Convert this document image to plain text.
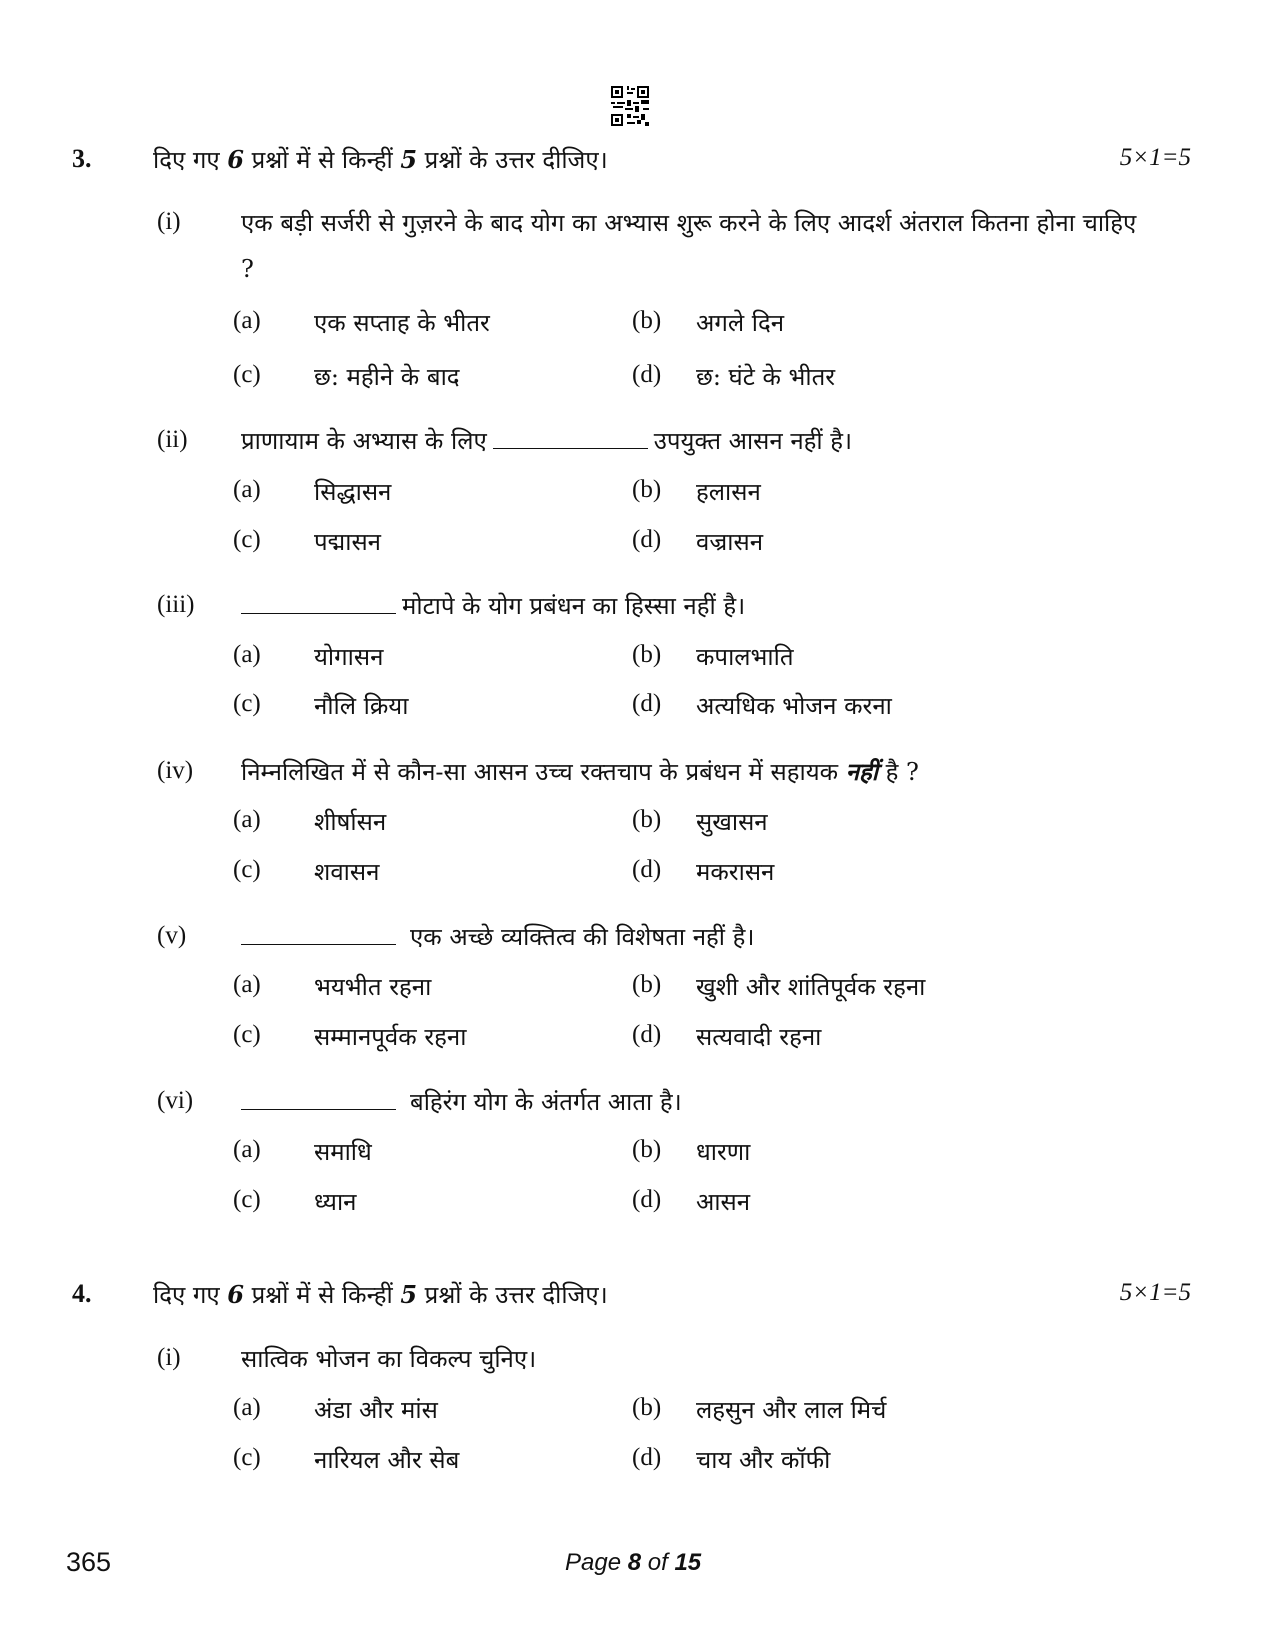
3.	दिए गए 6 प्रश्नों में से किन्हीं 5 प्रश्नों के उत्तर दीजिए।	5×1=5
(i)	एक बड़ी सर्जरी से गुज़रने के बाद योग का अभ्यास शुरू करने के लिए आदर्श अंतराल कितना होना चाहिए ?
(a) एक सप्ताह के भीतर	(b) अगले दिन
(c) छ: महीने के बाद	(d) छ: घंटे के भीतर
(ii) प्राणायाम के अभ्यास के लिए	उपयुक्त आसन नहीं है।
(a) सिद्धासन	(b) हलासन
(c) पद्मासन	(d) वज्रासन
(iii)	मोटापे के योग प्रबंधन का हिस्सा नहीं है।
(a) योगासन	(b) कपालभाति
(c) नौलि क्रिया	(d) अत्यधिक भोजन करना
(iv) निम्नलिखित में से कौन-सा आसन उच्च रक्तचाप के प्रबंधन में सहायक नहीं है ?
(a) शीर्षासन	(b) सुखासन
(c) शवासन	(d) मकरासन
(v)	एक अच्छे व्यक्तित्व की विशेषता नहीं है।
(a) भयभीत रहना	(b) खुशी और शांतिपूर्वक रहना
(c) सम्मानपूर्वक रहना	(d) सत्यवादी रहना
(vi)	बहिरंग योग के अंतर्गत आता है।
(a) समाधि	(b) धारणा
(c) ध्यान	(d) आसन
4.	दिए गए 6 प्रश्नों में से किन्हीं 5 प्रश्नों के उत्तर दीजिए।	5×1=5
(i)	सात्विक भोजन का विकल्प चुनिए।
(a) अंडा और मांस	(b) लहसुन और लाल मिर्च
(c) नारियल और सेब	(d) चाय और कॉफी
365	Page 8 of 15
